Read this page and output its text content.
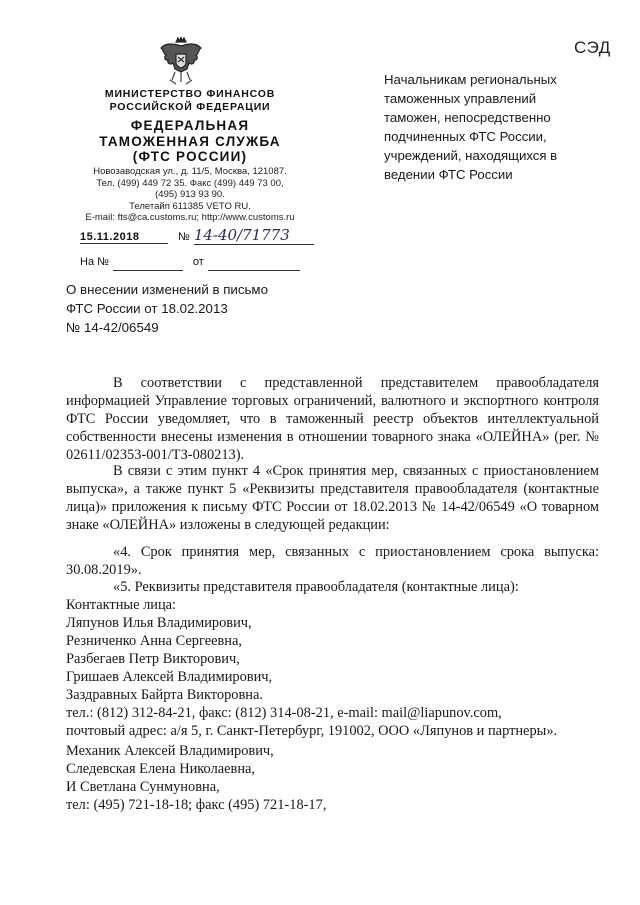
СЭД
МИНИСТЕРСТВО ФИНАНСОВ
РОССИЙСКОЙ ФЕДЕРАЦИИ
ФЕДЕРАЛЬНАЯ
ТАМОЖЕННАЯ СЛУЖБА
(ФТС РОССИИ)
Новозаводская ул., д. 11/5, Москва, 121087.
Тел. (499) 449 72 35. Факс (499) 449 73 00,
(495) 913 93 90.
Телетайп 611385 VETO RU.
E-mail: fts@ca.customs.ru; http://www.customs.ru
15.11.2018	№ 14-40/71773
На №	от
Начальникам региональных
таможенных управлений
таможен, непосредственно
подчиненных ФТС России,
учреждений, находящихся в
ведении ФТС России
О внесении изменений в письмо
ФТС России от 18.02.2013
№ 14-42/06549
В соответствии с представленной представителем правообладателя информацией Управление торговых ограничений, валютного и экспортного контроля ФТС России уведомляет, что в таможенный реестр объектов интеллектуальной собственности внесены изменения в отношении товарного знака «ОЛЕЙНА» (рег. № 02611/02353-001/ТЗ-080213).
В связи с этим пункт 4 «Срок принятия мер, связанных с приостановлением выпуска», а также пункт 5 «Реквизиты представителя правообладателя (контактные лица)» приложения к письму ФТС России от 18.02.2013 № 14-42/06549 «О товарном знаке «ОЛЕЙНА» изложены в следующей редакции:
«4. Срок принятия мер, связанных с приостановлением срока выпуска: 30.08.2019».
«5. Реквизиты представителя правообладателя (контактные лица):
Контактные лица:
Ляпунов Илья Владимирович,
Резниченко Анна Сергеевна,
Разбегаев Петр Викторович,
Гришаев Алексей Владимирович,
Заздравных Байрта Викторовна.
тел.: (812) 312-84-21, факс: (812) 314-08-21, e-mail: mail@liapunov.com,
почтовый адрес: а/я 5, г. Санкт-Петербург, 191002, ООО «Ляпунов и партнеры».
Механик Алексей Владимирович,
Следевская Елена Николаевна,
И Светлана Сунмуновна,
тел: (495) 721-18-18; факс (495) 721-18-17,
